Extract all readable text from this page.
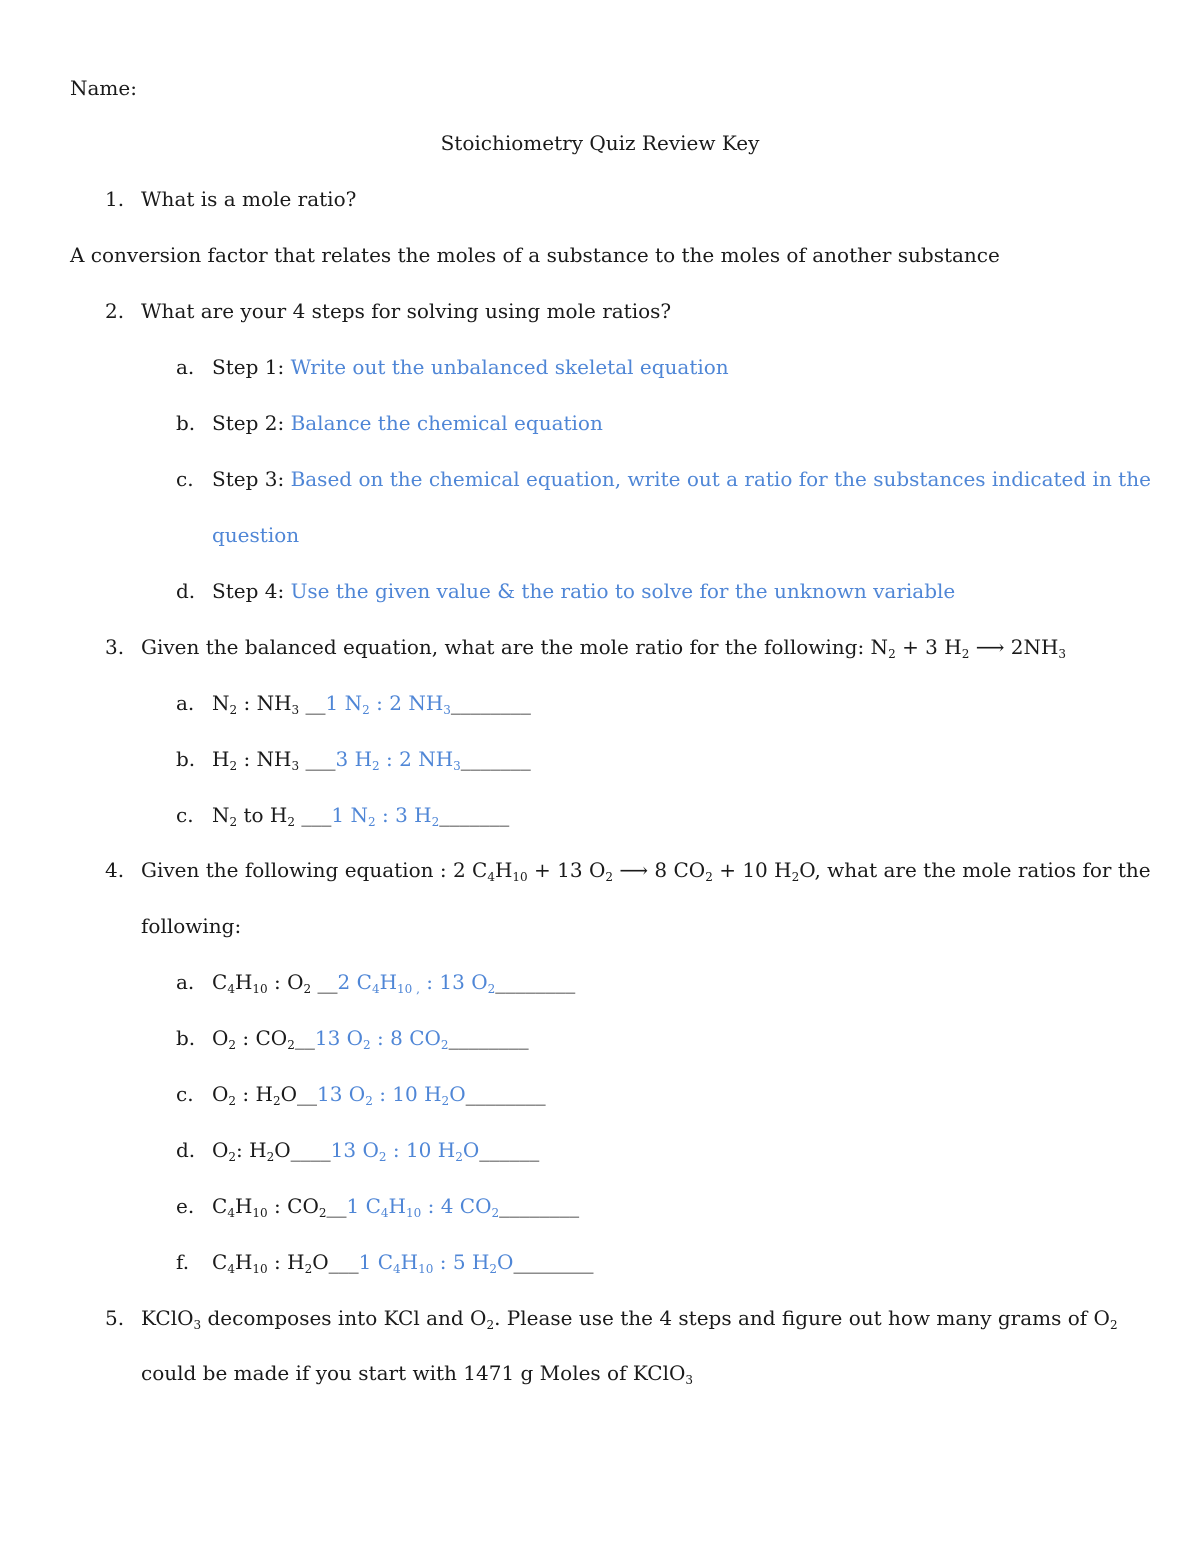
Name:
Stoichiometry Quiz Review Key
1. What is a mole ratio?
A conversion factor that relates the moles of a substance to the moles of another substance
2. What are your 4 steps for solving using mole ratios?
a. Step 1: Write out the unbalanced skeletal equation
b. Step 2: Balance the chemical equation
c. Step 3: Based on the chemical equation, write out a ratio for the substances indicated in the
question
d. Step 4: Use the given value & the ratio to solve for the unknown variable
3. Given the balanced equation, what are the mole ratio for the following: $N_2 + 3$ $H_2$ ⟶ $2NH_3$
a. $N_2$ : $NH_3$ __1 $N_2$ : 2 $NH_3\_\_\_\_\_\_\_\_$
b. $H_2$ : $NH_3$ ___3 $H_2$ : 2 $NH_3\_\_\_\_\_\_\_$
c. $N_2$ to $H_2$ ___1 $N_2$ : 3 $H_2\_\_\_\_\_\_\_$
4. Given the following equation : 2 $C_4H_{10} + 13$ $O_2$ ⟶ 8 $CO_2 + 10$ $H_2O$, what are the mole ratios for the
following:
a. $C_4H_{10}$ : $O_2$ __2 $C_4H_{10 ,}$ : 13 $O_2\_\_\_\_\_\_\_\_$
b. $O_2$ : $CO_2\_\_13$ $O_2$ : 8 $CO_2\_\_\_\_\_\_\_\_$
c. $O_2$ : $H_2O\_\_13$ $O_2$ : 10 $H_2O\_\_\_\_\_\_\_\_$
d. $O_2$: $H_2O\_\_\_\_13$ $O_2$ : 10 $H_2O\_\_\_\_\_\_$
e. $C_4H_{10}$ : $CO_2\_\_1$ $C_4H_{10}$ : 4 $CO_2\_\_\_\_\_\_\_\_$
f. $C_4H_{10}$ : $H_2O\_\_\_1$ $C_4H_{10}$ : 5 $H_2O\_\_\_\_\_\_\_\_$
5. KClO$_3$ decomposes into KCl and $O_2$. Please use the 4 steps and figure out how many grams of $O_2$
could be made if you start with 1471 g Moles of KClO$_3$
